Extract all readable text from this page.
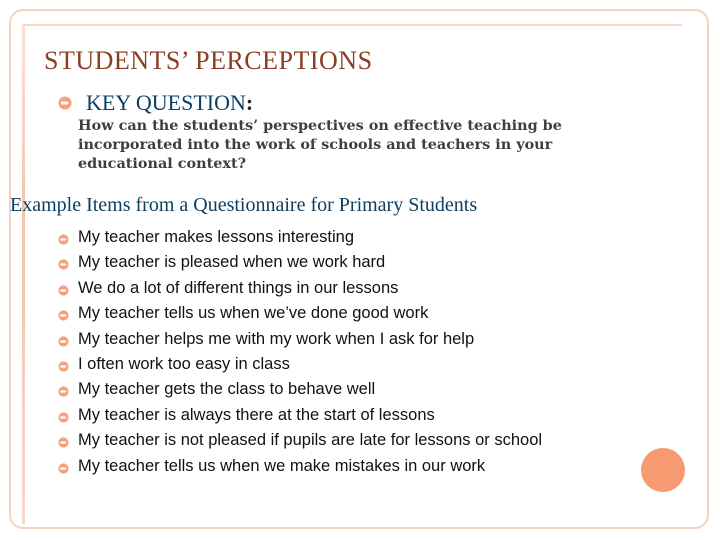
STUDENTS’ PERCEPTIONS
KEY QUESTION:
How can the students’ perspectives on effective teaching be incorporated into the work of schools and teachers in your educational context?
Example Items from a Questionnaire for Primary Students
My teacher makes lessons interesting
My teacher is pleased when we work hard
We do a lot of different things in our lessons
My teacher tells us when we’ve done good work
My teacher helps me with my work when I ask for help
I often work too easy in class
My teacher gets the class to behave well
My teacher is always there at the start of lessons
My teacher is not pleased if pupils are late for lessons or school
My teacher tells us when we make mistakes in our work
